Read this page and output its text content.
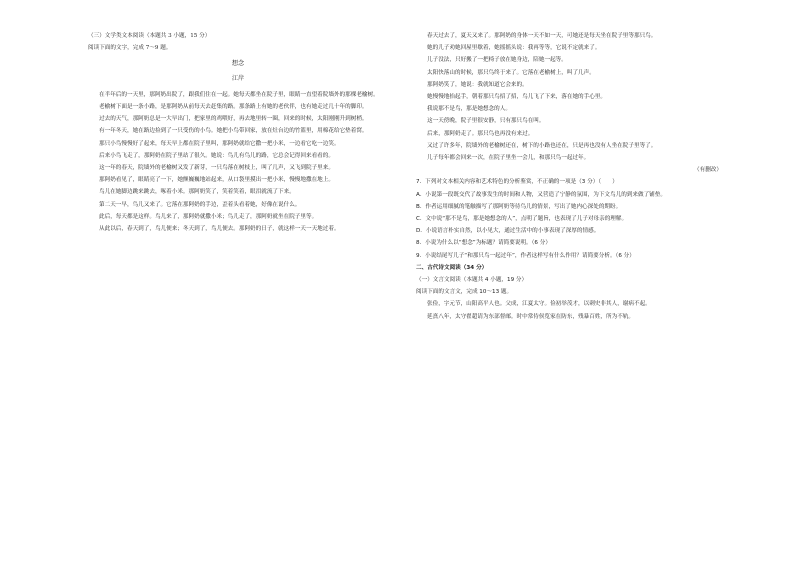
（三）文学类文本阅读（本题共 3 小题，15 分）

阅读下面的文字，完成 7～9 题。

想念

江岸

在半年后的一天里，那阿奶出院了，跟我们住在一起。她每天都坐在院子里，眼睛一直望着院墙外的那棵老榆树。

老榆树下面是一条小路，是那阿奶从前每天去赶集的路。那条路上有她的老伙伴，也有她走过几十年的脚印。

过去的天气，那阿奶总是一大早出门，把家里的鸡喂好，再去地里转一圈，回来的时候，太阳刚刚升到树梢。

有一年冬天，她在路边捡到了一只受伤的小鸟。她把小鸟带回家，放在灶台边的竹篮里，用棉花给它垫着窝。

那只小鸟慢慢好了起来，每天早上都在院子里叫，那阿奶就给它撒一把小米，一边看它吃一边笑。

后来小鸟飞走了，那阿奶在院子里站了很久。她说：鸟儿有鸟儿的路，它总会记得回来看看的。

这一年的春天，院墙外的老榆树又发了新芽，一只鸟落在树枝上，叫了几声，又飞到院子里来。

那阿奶看见了，眼睛亮了一下，她颤巍巍地站起来，从口袋里摸出一把小米，慢慢地撒在地上。

鸟儿在她脚边跳来跳去，啄着小米。那阿奶笑了，笑着笑着，眼泪就流了下来。

第二天一早，鸟儿又来了。它落在那阿奶的手边，歪着头看着她，好像在说什么。

此后，每天都是这样。鸟儿来了，那阿奶就撒小米；鸟儿走了，那阿奶就坐在院子里等。

从此以后，春天到了，鸟儿便来；冬天到了，鸟儿便去。那阿奶的日子，就这样一天一天地过着。

春天过去了，夏天又来了。那阿奶的身体一天不如一天，可她还是每天坐在院子里等那只鸟。

她的儿子劝她回屋里歇着，她摇摇头说：我再等等，它说不定就来了。

儿子没法，只好搬了一把椅子放在她身边，陪她一起等。

太阳快落山的时候，那只鸟终于来了。它落在老榆树上，叫了几声。

那阿奶笑了，她说：我就知道它会来的。

她慢慢地抬起手，朝着那只鸟招了招，鸟儿飞了下来，落在她的手心里。

我说那不是鸟，那是她想念的人。

这一天傍晚，院子里很安静，只有那只鸟在叫。

后来，那阿奶走了。那只鸟也再没有来过。

又过了许多年，院墙外的老榆树还在，树下的小路也还在，只是再也没有人坐在院子里等了。

儿子每年都会回来一次，在院子里坐一会儿，和那只鸟一起过年。

（有删改）

7．下列对文本相关内容和艺术特色的分析鉴赏，不正确的一项是（3 分）（　　）

A．小说第一段既交代了故事发生的时间和人物，又营造了宁静的氛围，为下文鸟儿的到来做了铺垫。

B．作者运用细腻的笔触描写了那阿奶等待鸟儿的情景，写出了她内心深处的期盼。

C．文中说“那不是鸟，那是她想念的人”，点明了题旨，也表现了儿子对母亲的理解。

D．小说语言朴实自然，以小见大，通过生活中的小事表现了深厚的情感。

8．小说为什么以“想念”为标题？请简要说明。（6 分）

9．小说结尾写儿子“和那只鸟一起过年”，作者这样写有什么作用？请简要分析。（6 分）

二、古代诗文阅读（34 分）

（一）文言文阅读（本题共 4 小题，19 分）

阅读下面的文言文，完成 10～13 题。

张俭，字元节，山阳高平人也。父成，江夏太守。俭初举茂才，以刺史非其人，谢病不起。

延熹八年，太守翟超请为东部督邮。时中常侍侯览家在防东，残暴百姓，所为不轨。
